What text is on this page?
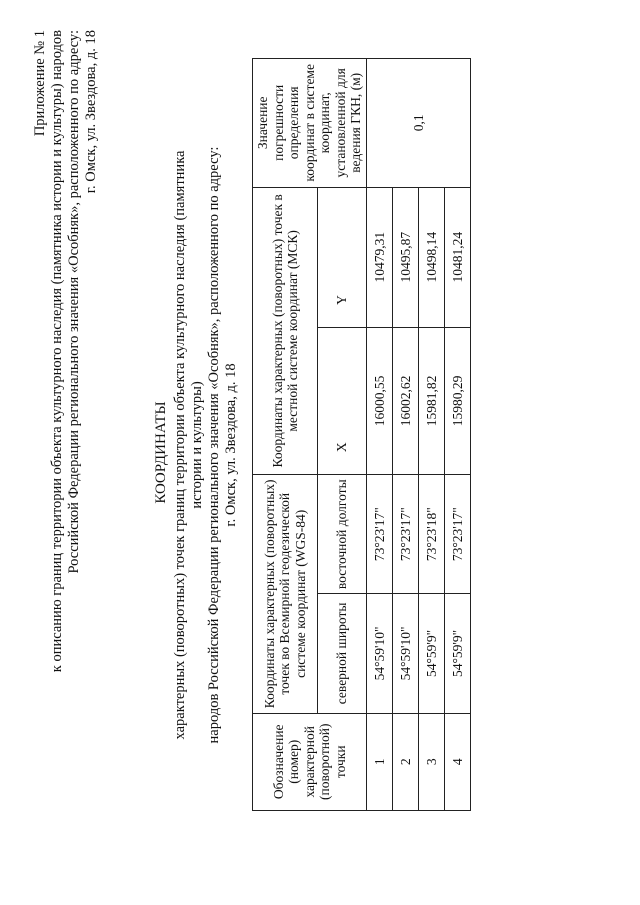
Приложение № 1 к описанию границ территории объекта культурного наследия (памятника истории и культуры) народов Российской Федерации регионального значения «Особняк», расположенного по адресу: г. Омск, ул. Звездова, д. 18
КООРДИНАТЫ характерных (поворотных) точек границ территории объекта культурного наследия (памятника истории и культуры) народов Российской Федерации регионального значения «Особняк», расположенного по адресу: г. Омск, ул. Звездова, д. 18
Обозначение (номер) характерной (поворотной) точки	Координаты характерных (поворотных) точек во Всемирной геодезической системе координат (WGS-84)		Координаты характерных (поворотных) точек в местной системе координат (МСК)		Значение погрешности определения координат в системе координат, установленной для ведения ГКН, (м)
	северной широты	восточной долготы	X	Y	
1	54°59'10"	73°23'17"	16000,55	10479,31	0,1
2	54°59'10"	73°23'17"	16002,62	10495,87	
3	54°59'9"	73°23'18"	15981,82	10498,14	
4	54°59'9"	73°23'17"	15980,29	10481,24	
